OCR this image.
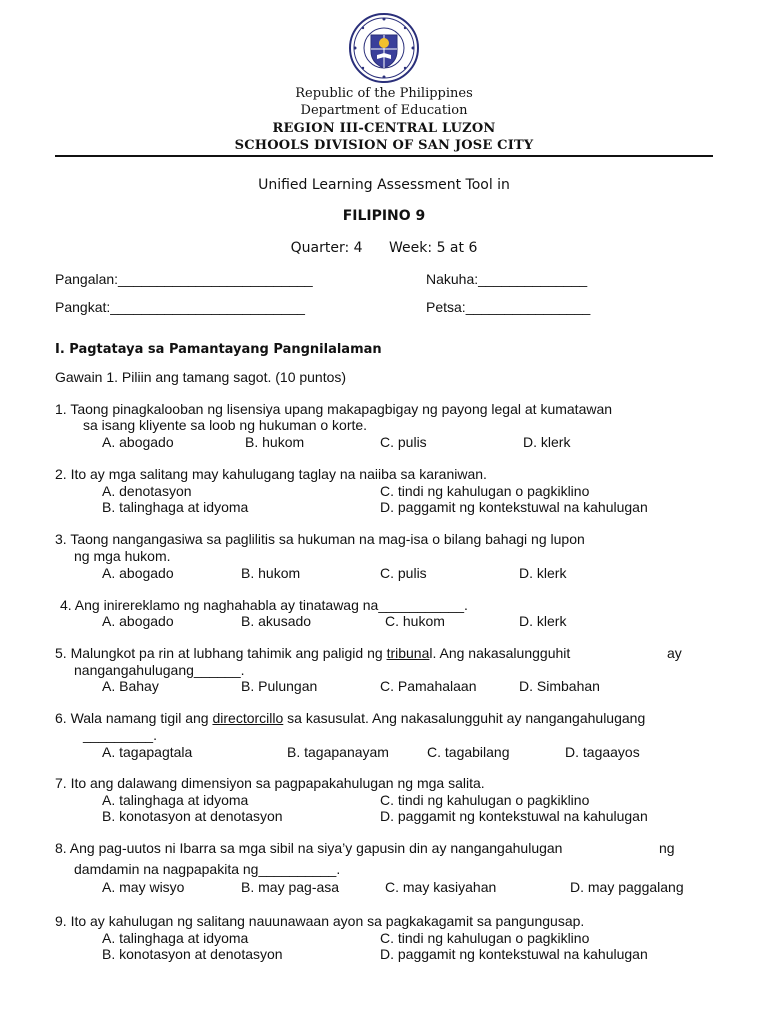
Republic of the Philippines
Department of Education
REGION III-CENTRAL LUZON
SCHOOLS DIVISION OF SAN JOSE CITY
Unified Learning Assessment Tool in
FILIPINO 9
Quarter: 4 Week: 5 at 6
Pangalan:_________________________	Nakuha:______________
Pangkat:_________________________	Petsa:________________
I. Pagtataya sa Pamantayang Pangnilalaman
Gawain 1. Piliin ang tamang sagot. (10 puntos)
1. Taong pinagkalooban ng lisensiya upang makapagbigay ng payong legal at kumatawan
sa isang kliyente sa loob ng hukuman o korte.
A. abogado	B. hukom	C. pulis	D. klerk
2. Ito ay mga salitang may kahulugang taglay na naiiba sa karaniwan.
A. denotasyon	C. tindi ng kahulugan o pagkiklino
B. talinghaga at idyoma	D. paggamit ng kontekstuwal na kahulugan
3. Taong nangangasiwa sa paglilitis sa hukuman na mag-isa o bilang bahagi ng lupon
ng mga hukom.
A. abogado	B. hukom	C. pulis	D. klerk
4. Ang inirereklamo ng naghahabla ay tinatawag na___________.
A. abogado	B. akusado	C. hukom	D. klerk
5. Malungkot pa rin at lubhang tahimik ang paligid ng tribunal. Ang nakasalungguhit	ay
nangangahulugang______.
A. Bahay	B. Pulungan	C. Pamahalaan	D. Simbahan
6. Wala namang tigil ang directorcillo sa kasusulat. Ang nakasalungguhit ay nangangahulugang
_________.
A. tagapagtala	B. tagapanayam	C. tagabilang	D. tagaayos
7. Ito ang dalawang dimensiyon sa pagpapakahulugan ng mga salita.
A. talinghaga at idyoma	C. tindi ng kahulugan o pagkiklino
B. konotasyon at denotasyon	D. paggamit ng kontekstuwal na kahulugan
8. Ang pag-uutos ni Ibarra sa mga sibil na siya’y gapusin din ay nangangahulugan	ng
damdamin na nagpapakita ng__________.
A. may wisyo	B. may pag-asa	C. may kasiyahan	D. may paggalang
9. Ito ay kahulugan ng salitang nauunawaan ayon sa pagkakagamit sa pangungusap.
A. talinghaga at idyoma	C. tindi ng kahulugan o pagkiklino
B. konotasyon at denotasyon	D. paggamit ng kontekstuwal na kahulugan
